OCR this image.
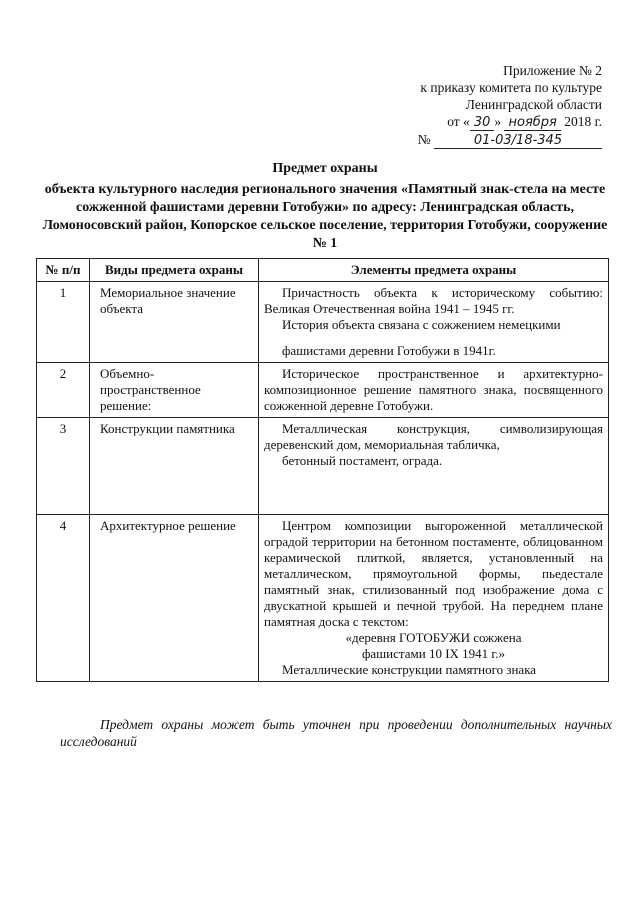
Приложение № 2
к приказу комитета по культуре
Ленинградской области
от « 30 » ноября 2018 г.
№	01-03/18-345
Предмет охраны
объекта культурного наследия регионального значения «Памятный знак-стела на месте сожженной фашистами деревни Готобужи» по адресу: Ленинградская область, Ломоносовский район, Копорское сельское поселение, территория Готобужи, сооружение № 1
№ п/п	Виды предмета охраны	Элементы предмета охраны
1	Мемориальное значение объекта	Причастность объекта к историческому событию: Великая Отечественная война 1941 – 1945 гг.

История объекта связана с сожжением немецкими

фашистами деревни Готобужи в 1941г.

2	Объемно-пространственное решение:	Историческое пространственное и архитектурно-композиционное решение памятного знака, посвященного сожженной деревне Готобужи.

3	Конструкции памятника	Металлическая конструкция, символизирующая деревенский дом, мемориальная табличка,

бетонный постамент, ограда.

4	Архитектурное решение	Центром композиции выгороженной металлической оградой территории на бетонном постаменте, облицованном керамической плиткой, является, установленный на металлическом, прямоугольной формы, пьедестале памятный знак, стилизованный под изображение дома с двускатной крышей и печной трубой. На переднем плане памятная доска с текстом:

«деревня ГОТОБУЖИ сожжена

фашистами 10 IX 1941 г.»

Металлические конструкции памятного знака

Предмет охраны может быть уточнен при проведении дополнительных научных исследований
